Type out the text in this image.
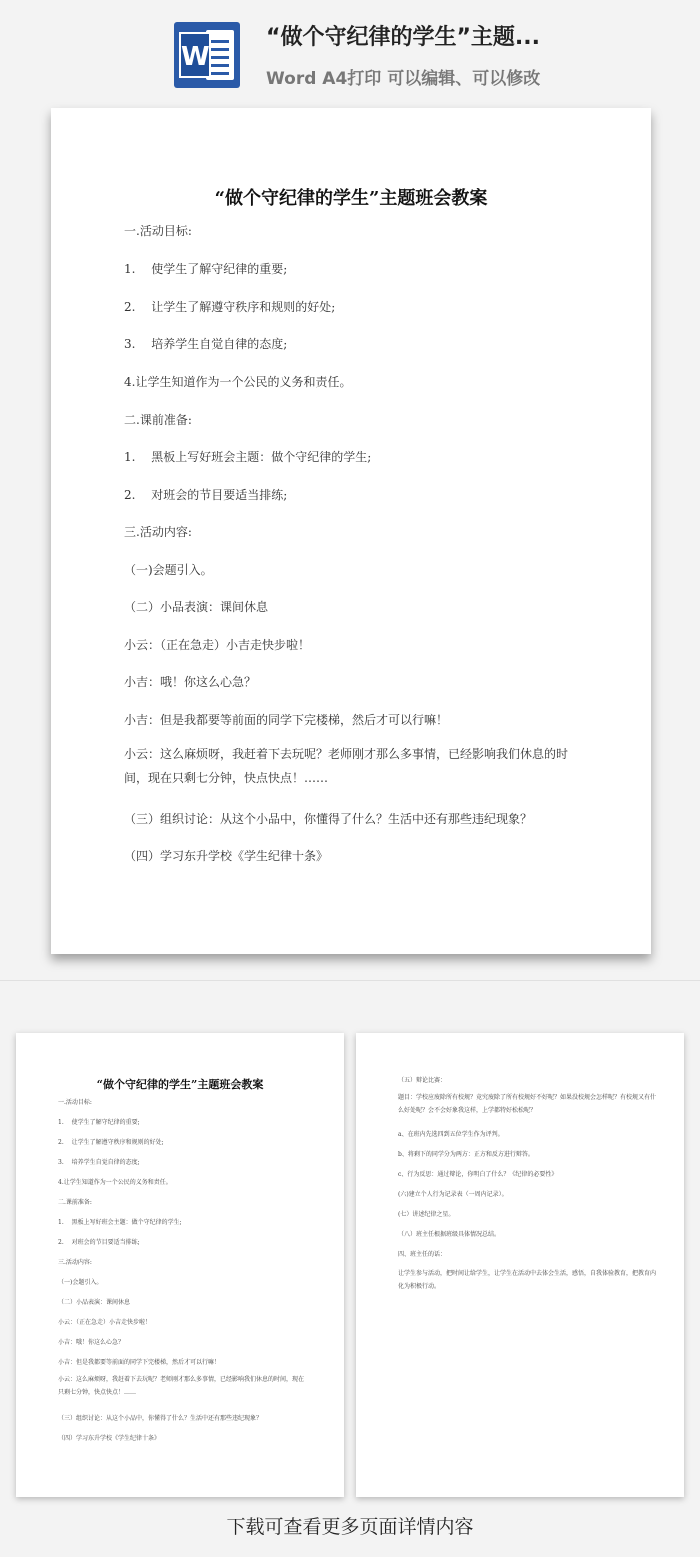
W
“做个守纪律的学生”主题...
Word A4打印 可以编辑、可以修改
“做个守纪律的学生”主题班会教案
一.活动目标:
1.　 使学生了解守纪律的重要;
2.　 让学生了解遵守秩序和规则的好处;
3.　 培养学生自觉自律的态度;
4.让学生知道作为一个公民的义务和责任。
二.课前准备:
1.　 黑板上写好班会主题：做个守纪律的学生;
2.　 对班会的节目要适当排练;
三.活动内容:
（一)会题引入。
（二）小品表演：课间休息
小云：（正在急走）小吉走快步啦！
小吉：哦！你这么心急？
小吉：但是我都要等前面的同学下完楼梯，然后才可以行嘛！
小云：这么麻烦呀，我赶着下去玩呢？老师刚才那么多事情，已经影响我们休息的时间，现在只剩七分钟，快点快点！……
（三）组织讨论：从这个小品中，你懂得了什么？生活中还有那些违纪现象？
（四）学习东升学校《学生纪律十条》
“做个守纪律的学生”主题班会教案
一.活动目标:
1.　 使学生了解守纪律的重要;
2.　 让学生了解遵守秩序和规则的好处;
3.　 培养学生自觉自律的态度;
4.让学生知道作为一个公民的义务和责任。
二.课前准备:
1.　 黑板上写好班会主题：做个守纪律的学生;
2.　 对班会的节目要适当排练;
三.活动内容:
（一)会题引入。
（二）小品表演：课间休息
小云：（正在急走）小吉走快步啦！
小吉：哦！你这么心急？
小吉：但是我都要等前面的同学下完楼梯，然后才可以行嘛！
小云：这么麻烦呀，我赶着下去玩呢？老师刚才那么多事情，已经影响我们休息的时间，现在只剩七分钟，快点快点！……
（三）组织讨论：从这个小品中，你懂得了什么？生活中还有那些违纪现象？
（四）学习东升学校《学生纪律十条》
（五）辩论比赛：
题目：学校应废除所有校规？竟究废除了所有校规好不好呢？如果没校规会怎样呢？有校规又有什么好处呢？会不会好象我这样，上学都特好松松呢？
a、在班内先选四到五位学生作为评判。
b、将剩下的同学分为两方：正方和反方进行辩答。
c、行为反思：通过辩论，你明白了什么？《纪律的必要性》
(六)建立个人行为记录表（一周内记录）。
(七）讲述纪律之星。
（八）班主任根据班级具体情况总结。
四、班主任的话：
让学生参与活动，把时间让给学生，让学生在活动中去体会生活，感悟，自我体验教育，把教育内化为积极行动。
下载可查看更多页面详情内容
